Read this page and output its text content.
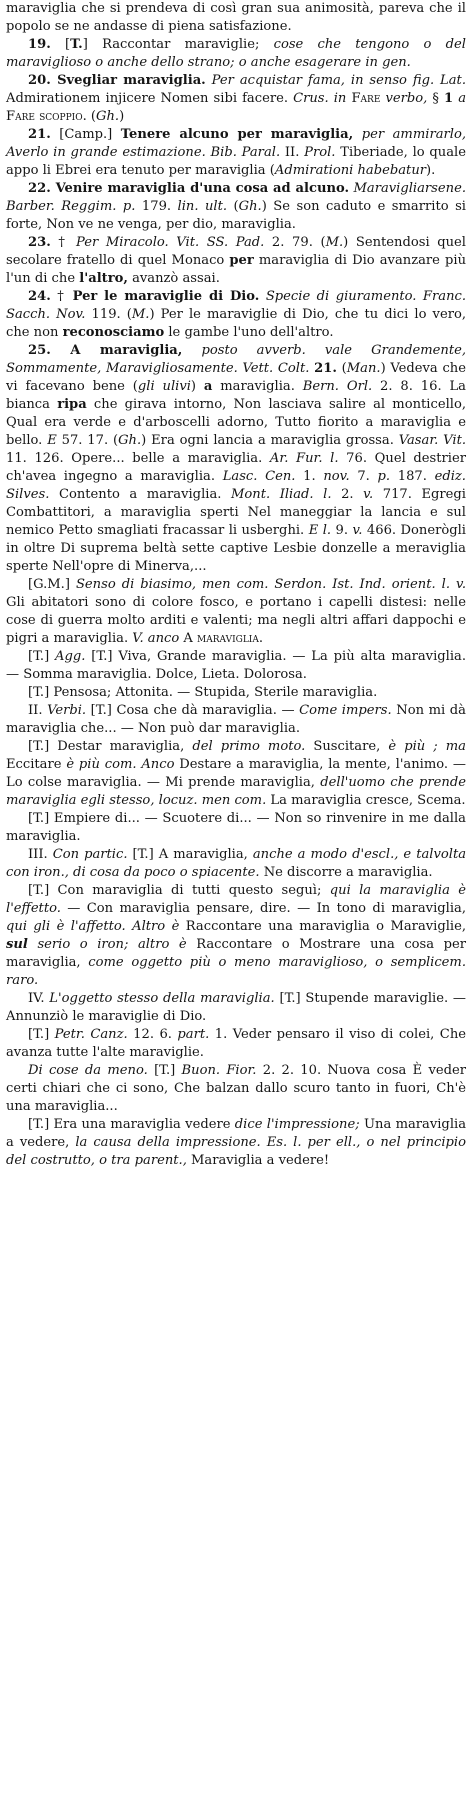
maraviglia che si prendeva di così gran sua animosità, pareva che il popolo se ne andasse di piena satisfazione.

19. [T.] Raccontar maraviglie; cose che tengono o del maraviglioso o anche dello strano; o anche esagerare in gen.

20. Svegliar maraviglia. Per acquistar fama, in senso fig. Lat. Admirationem injicere Nomen sibi facere. Crus. in Fare verbo, § 1 a Fare scoppio. (Gh.)

21. [Camp.] Tenere alcuno per maraviglia, per ammirarlo, Averlo in grande estimazione. Bib. Paral. II. Prol. Tiberiade, lo quale appo li Ebrei era tenuto per maraviglia (Admirationi habebatur).

22. Venire maraviglia d'una cosa ad alcuno. Maravigliarsene. Barber. Reggim. p. 179. lin. ult. (Gh.) Se son caduto e smarrito si forte, Non ve ne venga, per dio, maraviglia.

23. † Per Miracolo. Vit. SS. Pad. 2. 79. (M.) Sentendosi quel secolare fratello di quel Monaco per maraviglia di Dio avanzare più l'un di che l'altro, avanzò assai.

24. † Per le maraviglie di Dio. Specie di giuramento. Franc. Sacch. Nov. 119. (M.) Per le maraviglie di Dio, che tu dici lo vero, che non reconosciamo le gambe l'uno dell'altro.

25. A maraviglia, posto avverb. vale Grandemente, Sommamente, Maravigliosamente. Vett. Colt. 21. (Man.) Vedeva che vi facevano bene (gli ulivi) a maraviglia. Bern. Orl. 2. 8. 16. La bianca ripa che girava intorno, Non lasciava salire al monticello, Qual era verde e d'arboscelli adorno, Tutto fiorito a maraviglia e bello. E 57. 17. (Gh.) Era ogni lancia a maraviglia grossa. Vasar. Vit. 11. 126. Opere... belle a maraviglia. Ar. Fur. l. 76. Quel destrier ch'avea ingegno a maraviglia. Lasc. Cen. 1. nov. 7. p. 187. ediz. Silves. Contento a maraviglia. Mont. Iliad. l. 2. v. 717. Egregi Combattitori, a maraviglia sperti Nel maneggiar la lancia e sul nemico Petto smagliati fracassar li usberghi. E l. 9. v. 466. Donerògli in oltre Di suprema beltà sette captive Lesbie donzelle a meraviglia sperte Nell'opre di Minerva,...

[G.M.] Senso di biasimo, men com. Serdon. Ist. Ind. orient. l. v. Gli abitatori sono di colore fosco, e portano i capelli distesi: nelle cose di guerra molto arditi e valenti; ma negli altri affari dappochi e pigri a maraviglia. V. anco A maraviglia.

[T.] Agg. [T.] Viva, Grande maraviglia. — La più alta maraviglia. — Somma maraviglia. Dolce, Lieta. Dolorosa.

[T.] Pensosa; Attonita. — Stupida, Sterile maraviglia.

II. Verbi. [T.] Cosa che dà maraviglia. — Come impers. Non mi dà maraviglia che... — Non può dar maraviglia.

[T.] Destar maraviglia, del primo moto. Suscitare, è più ; ma Eccitare è più com. Anco Destare a maraviglia, la mente, l'animo. — Lo colse maraviglia. — Mi prende maraviglia, dell'uomo che prende maraviglia egli stesso, locuz. men com. La maraviglia cresce, Scema.

[T.] Empiere di... — Scuotere di... — Non so rinvenire in me dalla maraviglia.

III. Con partic. [T.] A maraviglia, anche a modo d'escl., e talvolta con iron., di cosa da poco o spiacente. Ne discorre a maraviglia.

[T.] Con maraviglia di tutti questo seguì; qui la maraviglia è l'effetto. — Con maraviglia pensare, dire. — In tono di maraviglia, qui gli è l'affetto. Altro è Raccontare una maraviglia o Maraviglie, sul serio o iron; altro è Raccontare o Mostrare una cosa per maraviglia, come oggetto più o meno maraviglioso, o semplicem. raro.

IV. L'oggetto stesso della maraviglia. [T.] Stupende maraviglie. — Annunziò le maraviglie di Dio.

[T.] Petr. Canz. 12. 6. part. 1. Veder pensaro il viso di colei, Che avanza tutte l'alte maraviglie.

Di cose da meno. [T.] Buon. Fior. 2. 2. 10. Nuova cosa È veder certi chiari che ci sono, Che balzan dallo scuro tanto in fuori, Ch'è una maraviglia...

[T.] Era una maraviglia vedere dice l'impressione; Una maraviglia a vedere, la causa della impressione. Es. l. per ell., o nel principio del costrutto, o tra parent., Maraviglia a vedere!
